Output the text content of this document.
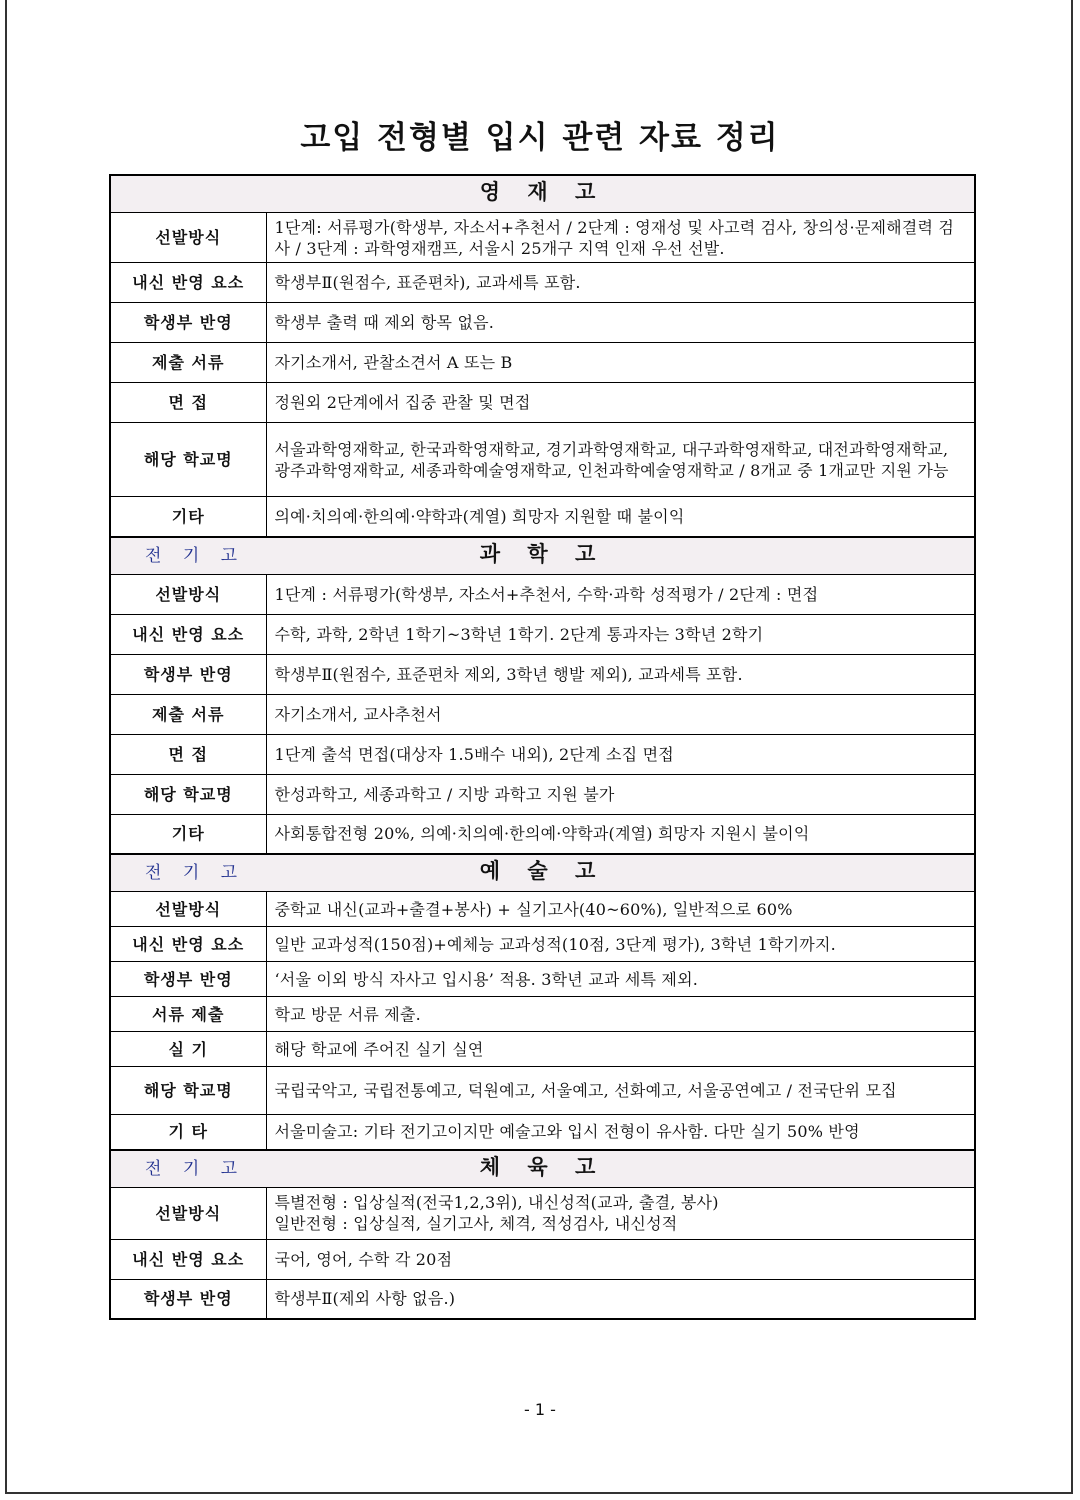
고입 전형별 입시 관련 자료 정리
영 재 고	

선발방식	1단계: 서류평가(학생부, 자소서+추천서 / 2단계 : 영재성 및 사고력 검사, 창의성·문제해결력 검사 / 3단계 : 과학영재캠프, 서울시 25개구 지역 인재 우선 선발.
내신 반영 요소	학생부Ⅱ(원점수, 표준편차), 교과세특 포함.
학생부 반영	학생부 출력 때 제외 항목 없음.
제출 서류	자기소개서, 관찰소견서 A 또는 B
면 접	정원외 2단계에서 집중 관찰 및 면접
해당 학교명	서울과학영재학교, 한국과학영재학교, 경기과학영재학교, 대구과학영재학교, 대전과학영재학교, 광주과학영재학교, 세종과학예술영재학교, 인천과학예술영재학교 / 8개교 중 1개교만 지원 가능
기타	의예·치의예·한의예·약학과(계열) 희망자 지원할 때 불이익

전 기 고 과 학 고	

선발방식	1단계 : 서류평가(학생부, 자소서+추천서, 수학·과학 성적평가 / 2단계 : 면접
내신 반영 요소	수학, 과학, 2학년 1학기~3학년 1학기. 2단계 통과자는 3학년 2학기
학생부 반영	학생부Ⅱ(원점수, 표준편차 제외, 3학년 행발 제외), 교과세특 포함.
제출 서류	자기소개서, 교사추천서
면 접	1단계 출석 면접(대상자 1.5배수 내외), 2단계 소집 면접
해당 학교명	한성과학고, 세종과학고 / 지방 과학고 지원 불가
기타	사회통합전형 20%, 의예·치의예·한의예·약학과(계열) 희망자 지원시 불이익

전 기 고 예 술 고	

선발방식	중학교 내신(교과+출결+봉사) + 실기고사(40~60%), 일반적으로 60%
내신 반영 요소	일반 교과성적(150점)+예체능 교과성적(10점, 3단계 평가), 3학년 1학기까지.
학생부 반영	‘서울 이외 방식 자사고 입시용’ 적용. 3학년 교과 세특 제외.
서류 제출	학교 방문 서류 제출.
실 기	해당 학교에 주어진 실기 실연
해당 학교명	국립국악고, 국립전통예고, 덕원예고, 서울예고, 선화예고, 서울공연예고 / 전국단위 모집
기 타	서울미술고: 기타 전기고이지만 예술고와 입시 전형이 유사함. 다만 실기 50% 반영

전 기 고 체 육 고	

선발방식	특별전형 : 입상실적(전국1,2,3위), 내신성적(교과, 출결, 봉사)
일반전형 : 입상실적, 실기고사, 체격, 적성검사, 내신성적
내신 반영 요소	국어, 영어, 수학 각 20점
학생부 반영	학생부Ⅱ(제외 사항 없음.)
- 1 -
